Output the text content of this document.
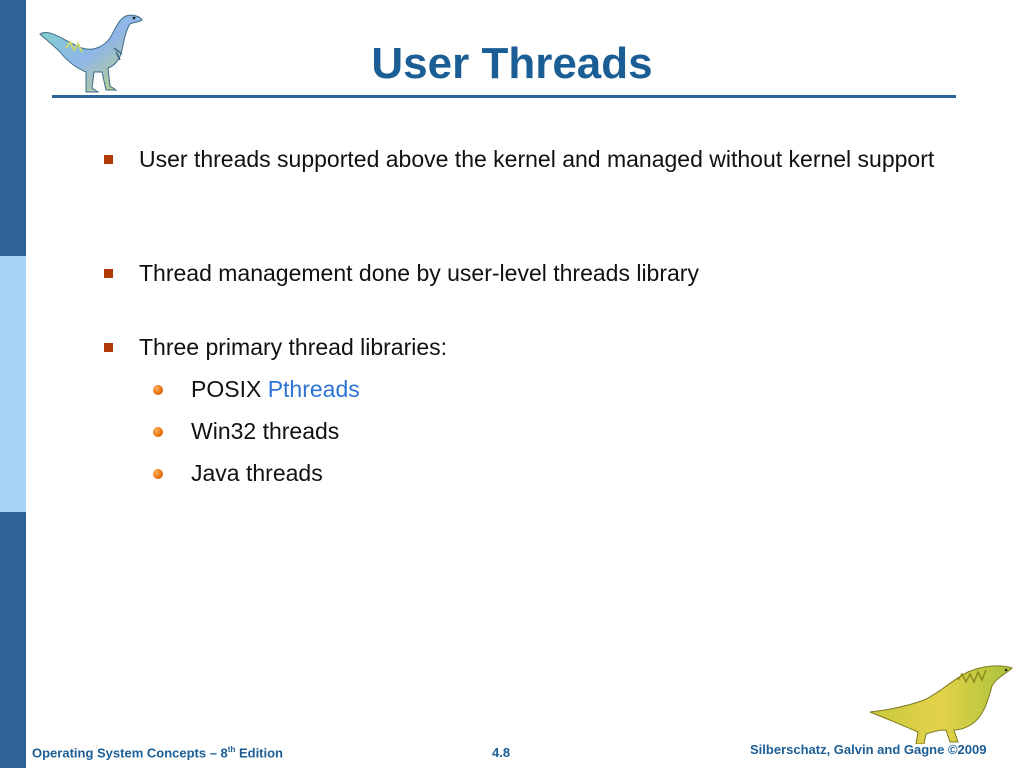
User Threads
User threads supported above the kernel and managed without kernel support
Thread management done by user-level threads library
Three primary thread libraries:
POSIX Pthreads
Win32 threads
Java threads
Operating System Concepts – 8th Edition	4.8	Silberschatz, Galvin and Gagne ©2009
